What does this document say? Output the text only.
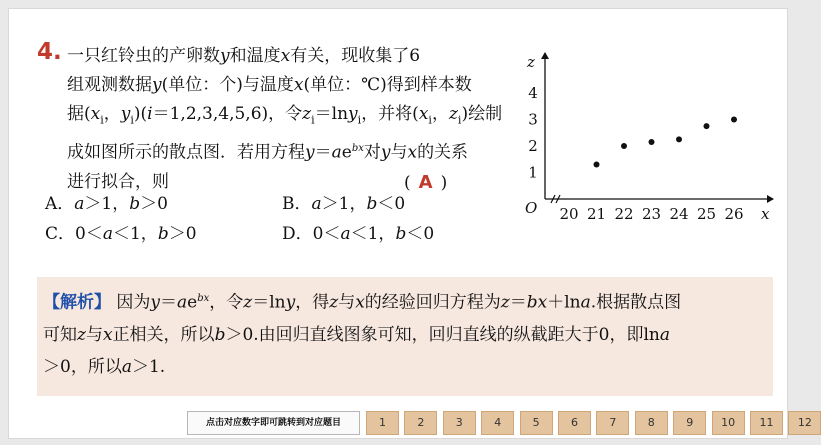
4. 一只红铃虫的产卵数y和温度x有关，现收集了6
组观测数据y(单位：个)与温度x(单位：℃)得到样本数
据($x_i$，$y_i)(i=1,2,3,4,5,6)$，令$z_i=\ln y_i$，并将($x_i$，$z_i$)绘制
成如图所示的散点图．若用方程$y=ae^{bx}$对y与x的关系
进行拟合，则	( A )
A．a＞1，b＞0	B．a＞1，b＜0
C．0＜a＜1，b＞0	D．0＜a＜1，b＜0
x
z
O 20 21 22 23 24 25 26
1
2
3
4
【解析】 因为$y=ae^{bx}$，令z＝lny，得z与x的经验回归方程为z＝bx＋lna.根据散点图
可知z与x正相关，所以b＞0.由回归直线图象可知，回归直线的纵截距大于0，即lna
＞0，所以a＞1.
点击对应数字即可跳转到对应题目	1	2	3	4	5	6	7	8	9	10	11	12
